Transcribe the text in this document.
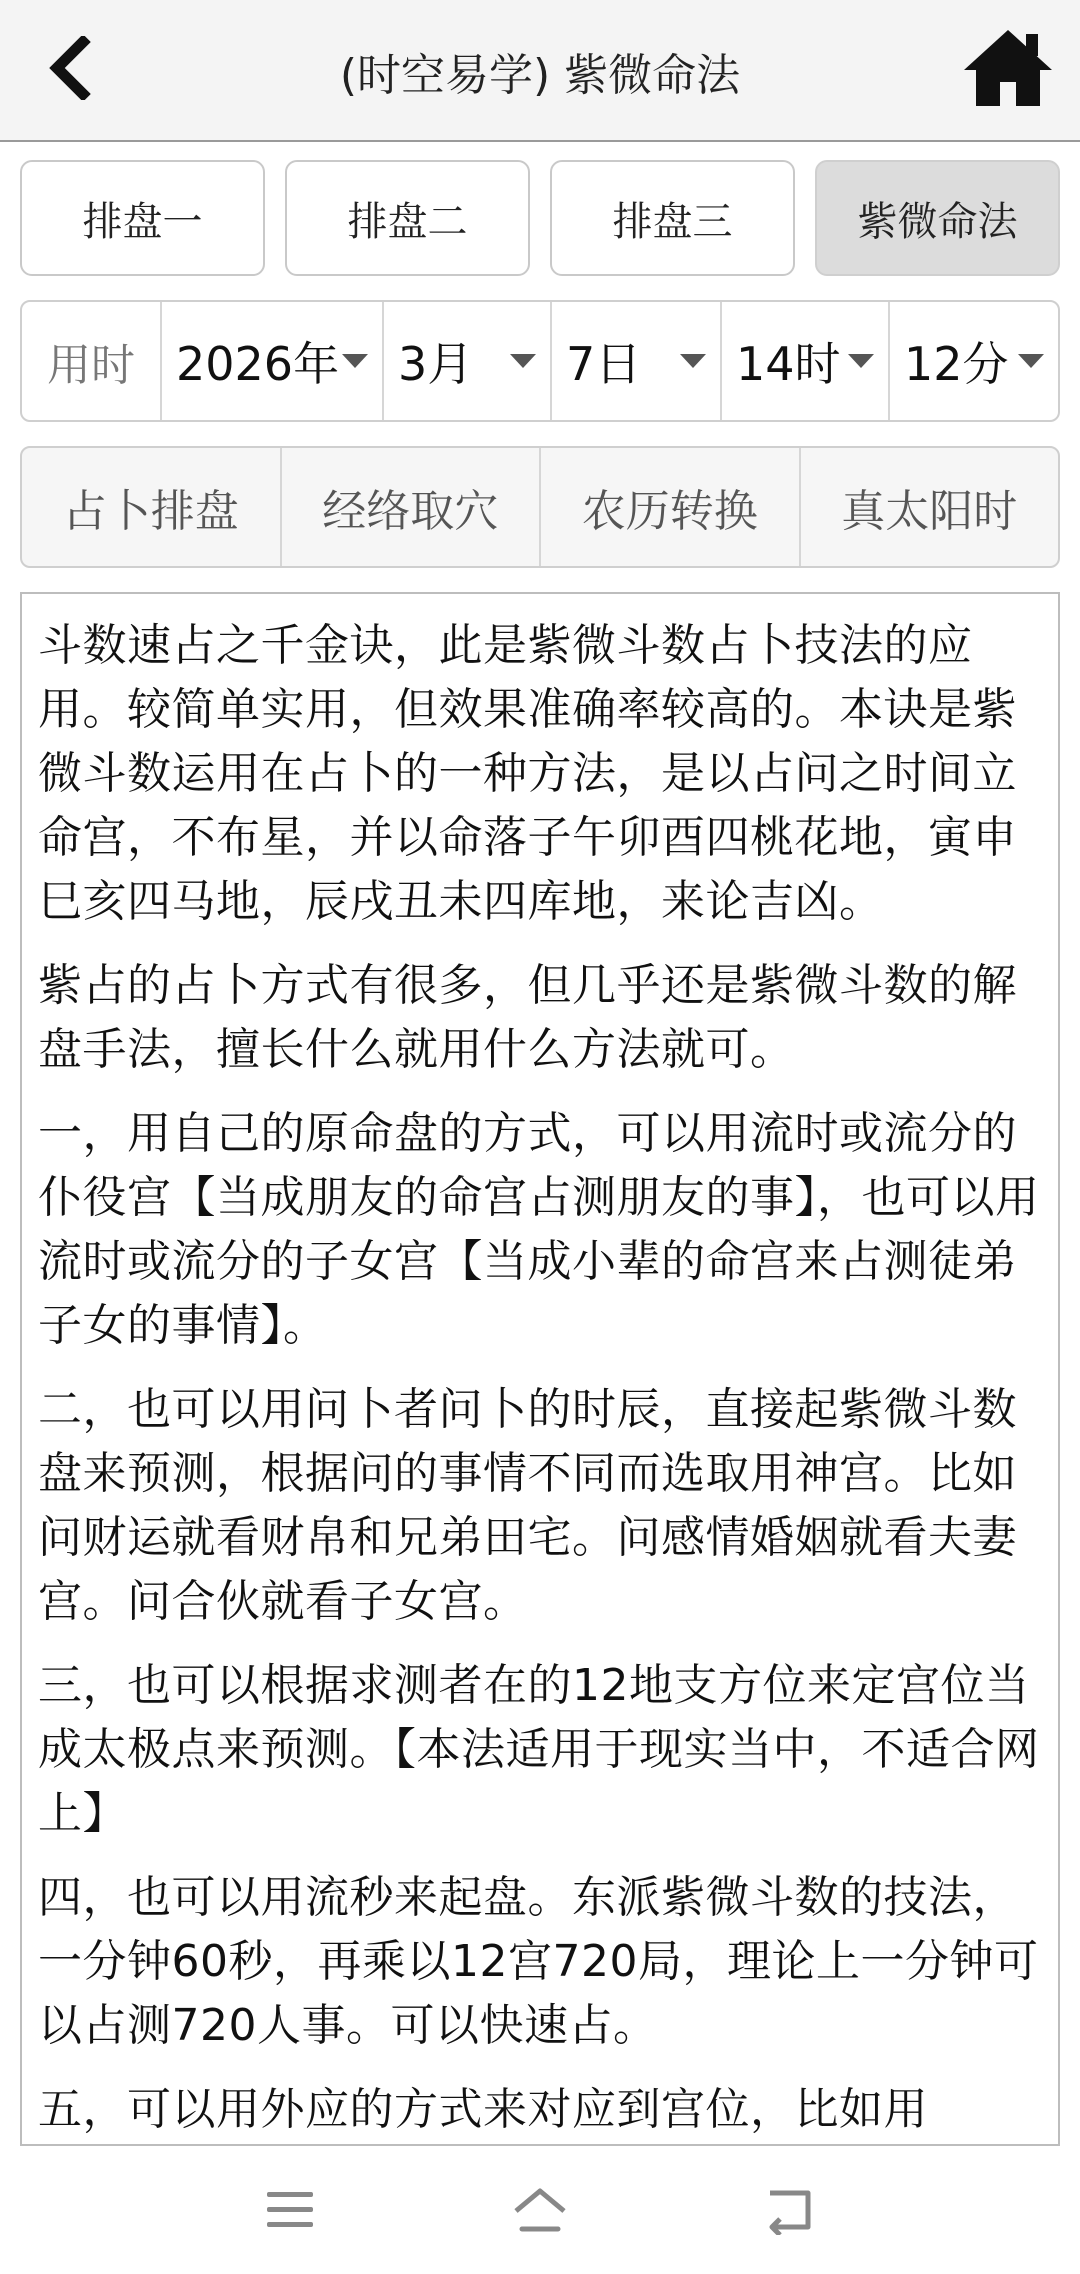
(时空易学) 紫微命法
排盘一	排盘二	排盘三	紫微命法
用时 2026年 3月 7日 14时 12分
占卜排盘	经络取穴	农历转换	真太阳时

斗数速占之千金诀，此是紫微斗数占卜技法的应用。较简单实用，但效果准确率较高的。本诀是紫微斗数运用在占卜的一种方法，是以占问之时间立命宫，不布星，并以命落子午卯酉四桃花地，寅申巳亥四马地，辰戌丑未四库地，来论吉凶。

紫占的占卜方式有很多，但几乎还是紫微斗数的解盘手法，擅长什么就用什么方法就可。

一，用自己的原命盘的方式，可以用流时或流分的仆役宫【当成朋友的命宫占测朋友的事】，也可以用流时或流分的子女宫【当成小辈的命宫来占测徒弟子女的事情】。

二，也可以用问卜者问卜的时辰，直接起紫微斗数盘来预测，根据问的事情不同而选取用神宫。比如问财运就看财帛和兄弟田宅。问感情婚姻就看夫妻宫。问合伙就看子女宫。

三，也可以根据求测者在的12地支方位来定宫位当成太极点来预测。【本法适用于现实当中，不适合网上】

四，也可以用流秒来起盘。东派紫微斗数的技法，一分钟60秒，再乘以12宫720局，理论上一分钟可以占测720人事。可以快速占。

五，可以用外应的方式来对应到宫位，比如用
